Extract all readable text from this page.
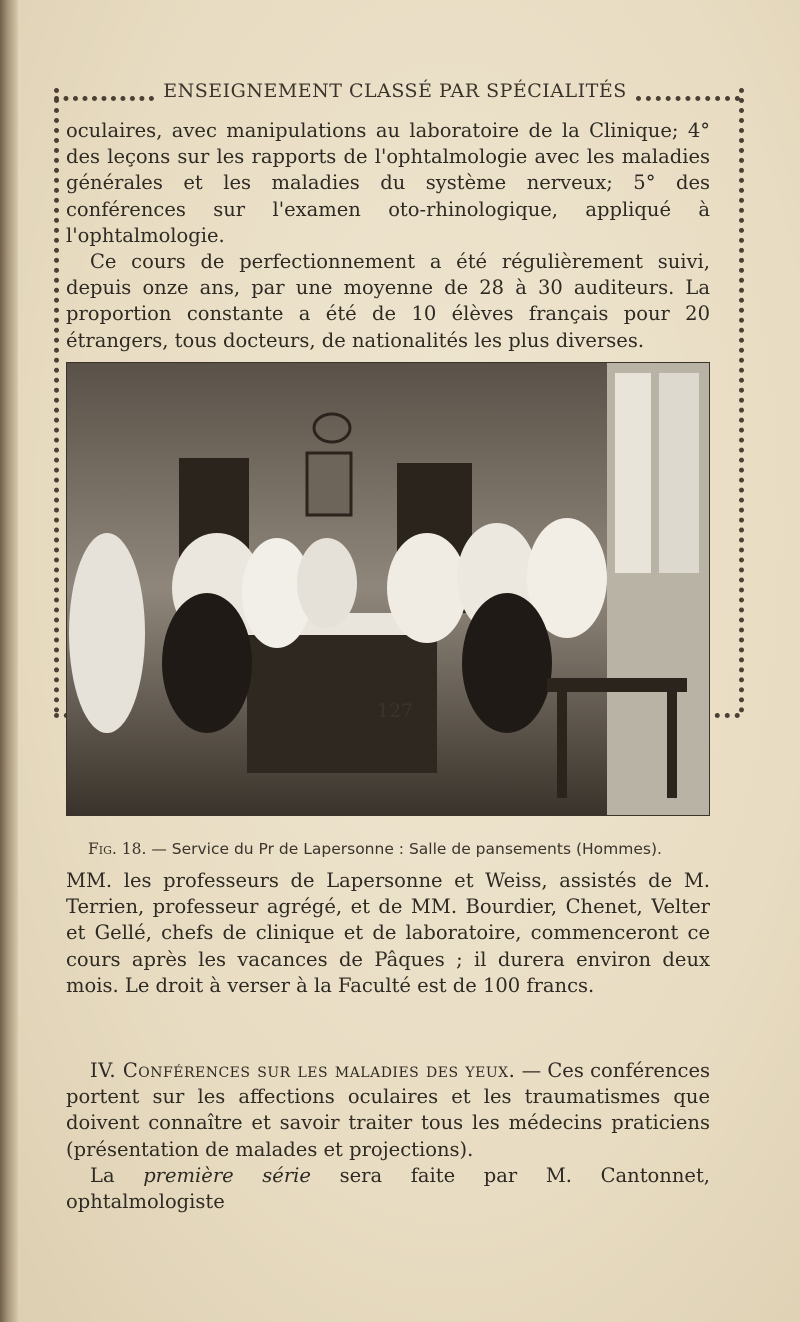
ENSEIGNEMENT CLASSÉ PAR SPÉCIALITÉS

oculaires, avec manipulations au laboratoire de la Clinique; 4° des leçons sur les rapports de l'ophtalmologie avec les maladies générales et les maladies du système nerveux; 5° des conférences sur l'examen oto-rhinologique, appliqué à l'ophtalmologie.
Ce cours de perfectionnement a été régulièrement suivi, depuis onze ans, par une moyenne de 28 à 30 auditeurs. La proportion constante a été de 10 élèves français pour 20 étrangers, tous docteurs, de nationalités les plus diverses.

Fig. 18. — Service du Pr de Lapersonne : Salle de pansements (Hommes).

MM. les professeurs de Lapersonne et Weiss, assistés de M. Terrien, professeur agrégé, et de MM. Bourdier, Chenet, Velter et Gellé, chefs de clinique et de laboratoire, commenceront ce cours après les vacances de Pâques ; il durera environ deux mois. Le droit à verser à la Faculté est de 100 francs.

IV. Conférences sur les maladies des yeux. — Ces conférences portent sur les affections oculaires et les traumatismes que doivent connaître et savoir traiter tous les médecins praticiens (présentation de malades et projections).
La première série sera faite par M. Cantonnet, ophtalmologiste

127
